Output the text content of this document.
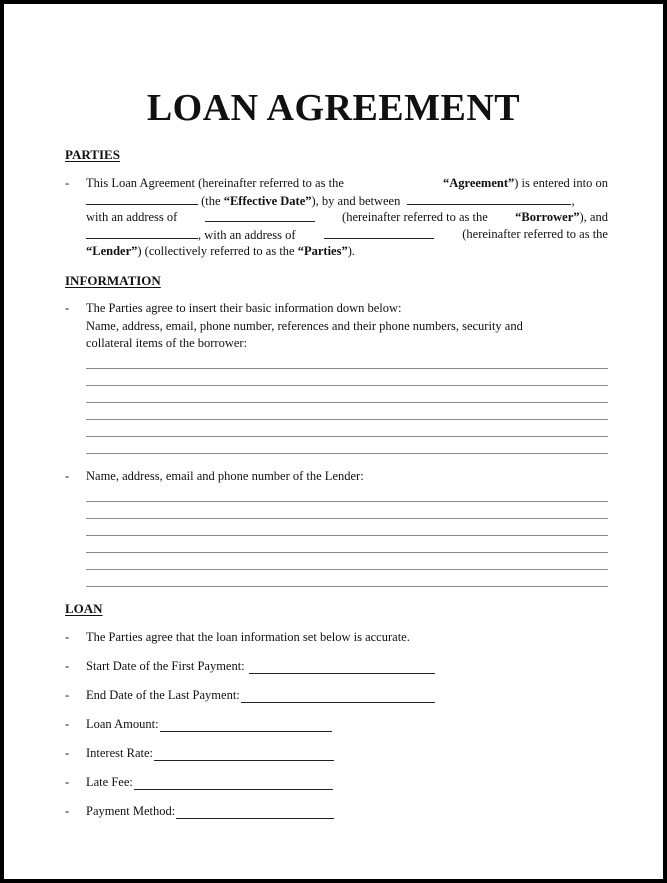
LOAN AGREEMENT
PARTIES
- This Loan Agreement (hereinafter referred to as the	“Agreement”) is entered into on
(the “Effective Date”), by and between	,
with an address of	(hereinafter referred to as the “Borrower”), and
, with an address of	(hereinafter referred to as the
“Lender”) (collectively referred to as the “Parties”).
INFORMATION
- The Parties agree to insert their basic information down below:
Name, address, email, phone number, references and their phone numbers, security and
collateral items of the borrower:
- Name, address, email and phone number of the Lender:
LOAN
- The Parties agree that the loan information set below is accurate.
- Start Date of the First Payment:
- End Date of the Last Payment:
- Loan Amount:
- Interest Rate:
- Late Fee:
- Payment Method:
